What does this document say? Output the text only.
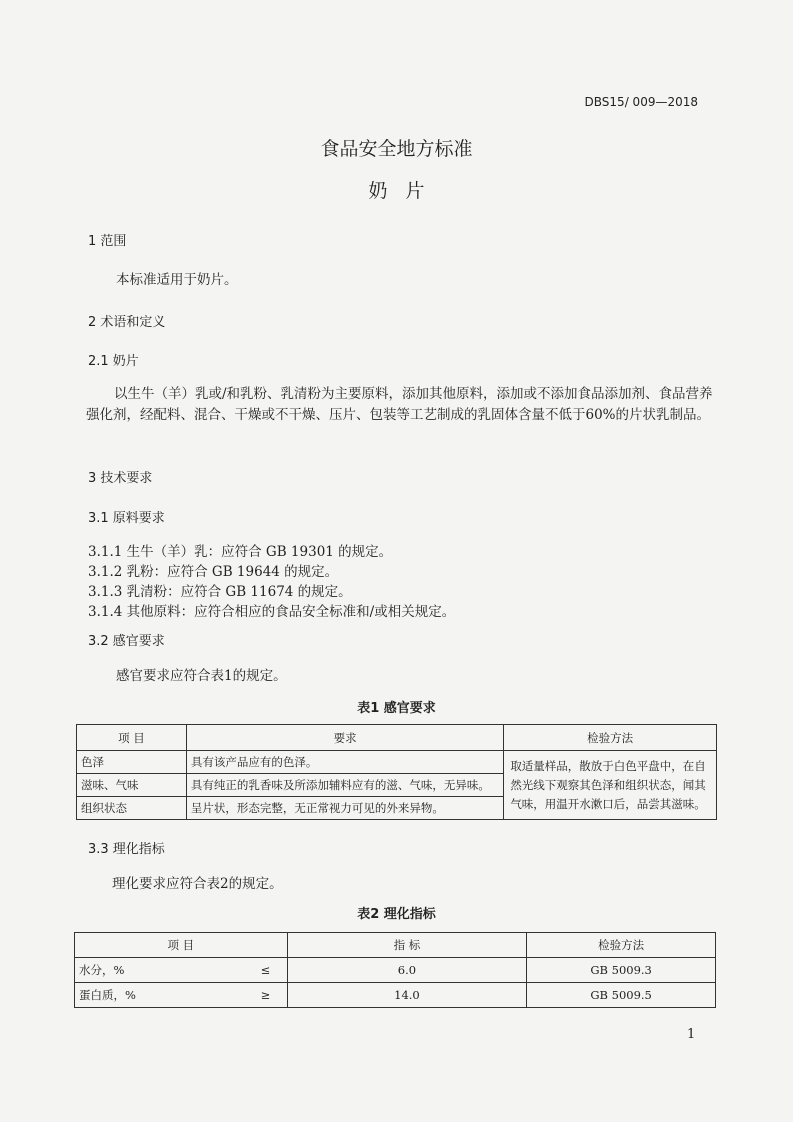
DBS15/ 009—2018
食品安全地方标准
奶片
1 范围
本标准适用于奶片。
2 术语和定义
2.1 奶片
以生牛（羊）乳或/和乳粉、乳清粉为主要原料，添加其他原料，添加或不添加食品添加剂、食品营养强化剂，经配料、混合、干燥或不干燥、压片、包装等工艺制成的乳固体含量不低于60%的片状乳制品。
3 技术要求
3.1 原料要求
3.1.1 生牛（羊）乳：应符合 GB 19301 的规定。
3.1.2 乳粉：应符合 GB 19644 的规定。
3.1.3 乳清粉：应符合 GB 11674 的规定。
3.1.4 其他原料：应符合相应的食品安全标准和/或相关规定。
3.2 感官要求
感官要求应符合表1的规定。
表1 感官要求
项 目	要求	检验方法
色泽	具有该产品应有的色泽。	取适量样品，散放于白色平盘中，在自然光线下观察其色泽和组织状态，闻其气味，用温开水漱口后，品尝其滋味。
滋味、气味	具有纯正的乳香味及所添加辅料应有的滋、气味，无异味。	
组织状态	呈片状，形态完整，无正常视力可见的外来异物。	
3.3 理化指标
理化要求应符合表2的规定。
表2 理化指标
项 目		指 标	检验方法
水分，%	≤	6.0	GB 5009.3
蛋白质，%	≥	14.0	GB 5009.5
1
